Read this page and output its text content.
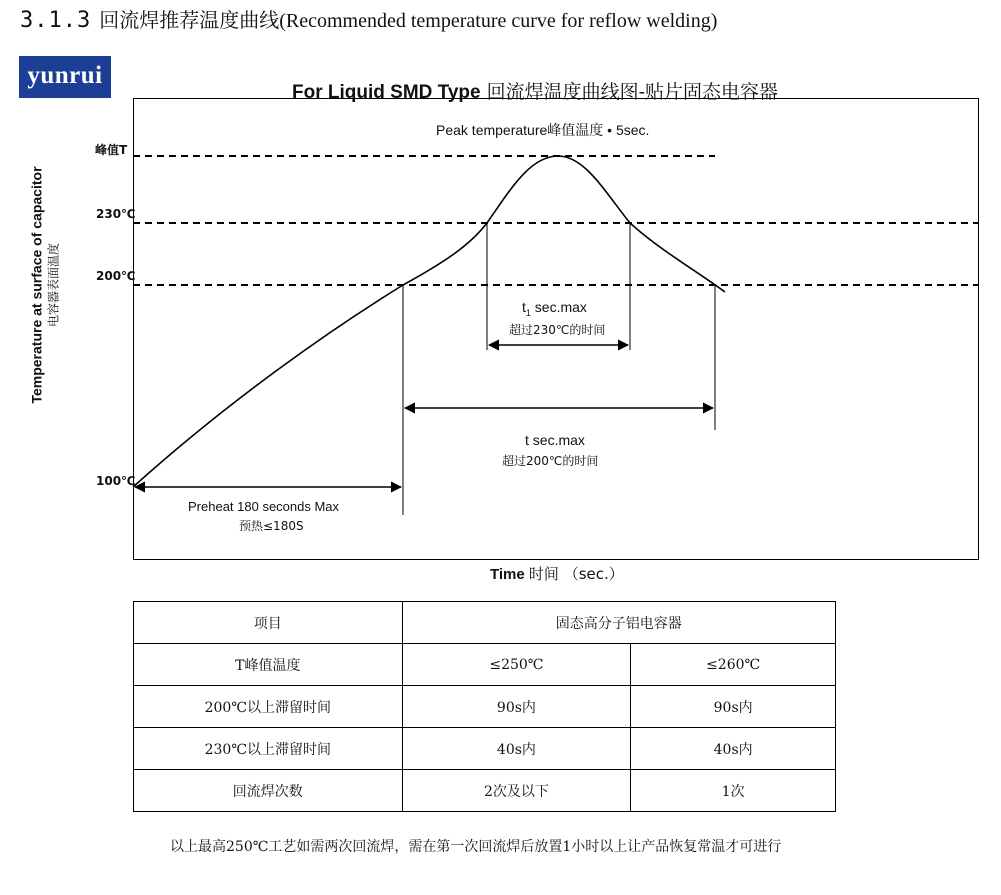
3.1.3 回流焊推荐温度曲线(Recommended temperature curve for reflow welding)
yunrui
For Liquid SMD Type 回流焊温度曲线图-贴片固态电容器
Temperature at surface of capacitor 电容器表面温度
峰值T
230℃
200℃
100℃
Peak temperature峰值温度 • 5sec.
$t_1$ sec.max
超过230℃的时间
t sec.max
超过200℃的时间
Preheat 180 seconds Max
预热≤180S
Time 时间 （sec.）
项目	固态高分子铝电容器	
T峰值温度	≤250℃	≤260℃
200℃以上滞留时间	90s内	90s内
230℃以上滞留时间	40s内	40s内
回流焊次数	2次及以下	1次
以上最高250℃工艺如需两次回流焊，需在第一次回流焊后放置1小时以上让产品恢复常温才可进行
